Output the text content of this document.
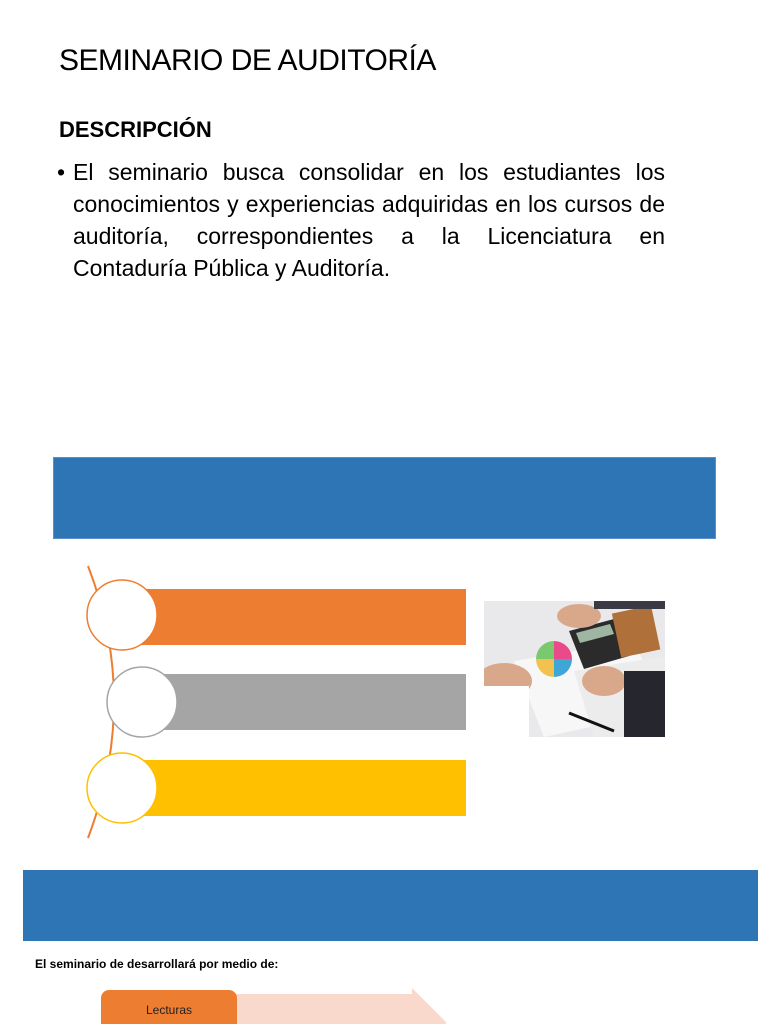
SEMINARIO DE AUDITORÍA
DESCRIPCIÓN
• El seminario busca consolidar en los estudiantes los conocimientos y experiencias adquiridas en los cursos de auditoría, correspondientes a la Licenciatura en Contaduría Pública y Auditoría.
El seminario de desarrollará por medio de:
Lecturas
